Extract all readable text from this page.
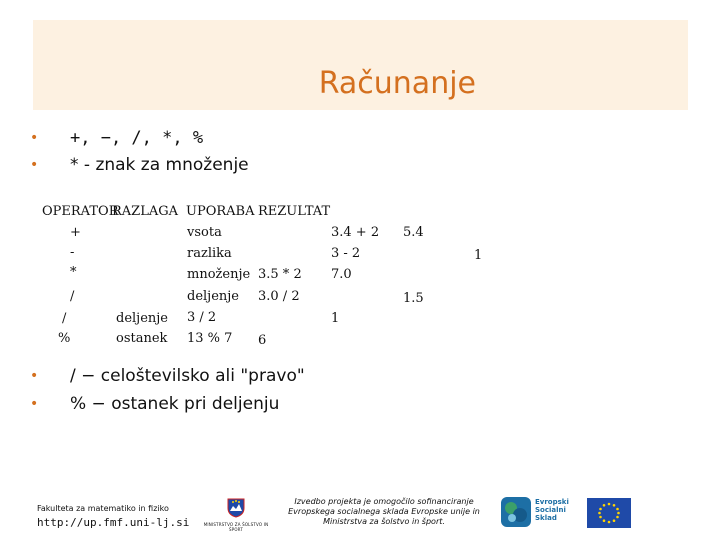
Računanje
• +, −, /, *, %
• * - znak za množenje
OPERATOR
RAZLAGA UPORABA REZULTAT
+
-
*
/
/
%
deljenje
ostanek
vsota
razlika
množenje
deljenje
3 / 2
13 % 7
3.5 * 2
3.0 / 2
6
3.4 + 2
3 - 2
7.0
1
5.4
1.5
1
• / − celoštevilsko ali "pravo"
• % − ostanek pri deljenju
Fakulteta za matematiko in fiziko
http://up.fmf.uni-lj.si	MINISTRSTVO ZA ŠOLSTVO IN ŠPORT
Izvedbo projekta je omogočilo sofinanciranje
Evropskega socialnega sklada Evropske unije in
Ministrstva za šolstvo in šport.
Evropski
Socialni
Sklad
